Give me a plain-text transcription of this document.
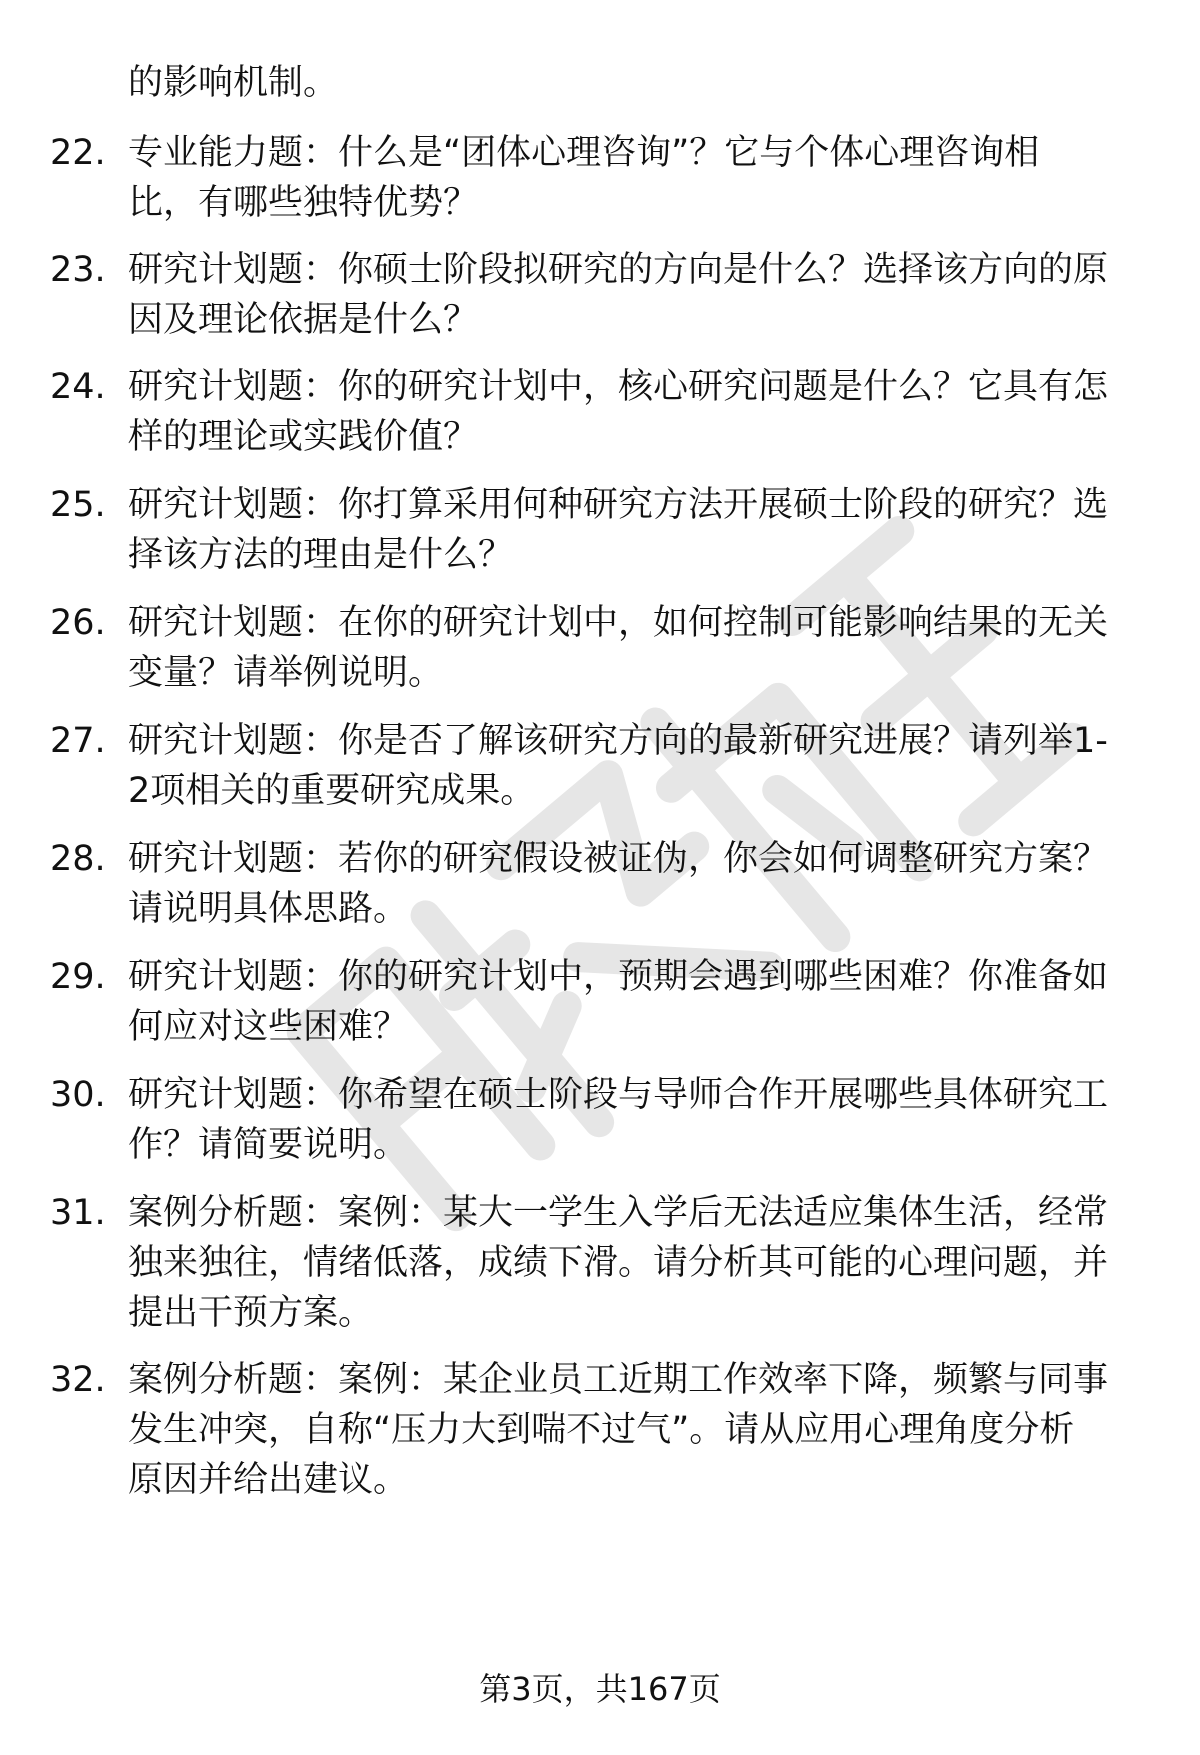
的影响机制。
22. 专业能力题：什么是“团体心理咨询”？它与个体心理咨询相
比，有哪些独特优势？
23. 研究计划题：你硕士阶段拟研究的方向是什么？选择该方向的原
因及理论依据是什么？
24. 研究计划题：你的研究计划中，核心研究问题是什么？它具有怎
样的理论或实践价值？
25. 研究计划题：你打算采用何种研究方法开展硕士阶段的研究？选
择该方法的理由是什么？
26. 研究计划题：在你的研究计划中，如何控制可能影响结果的无关
变量？请举例说明。
27. 研究计划题：你是否了解该研究方向的最新研究进展？请列举1-
2项相关的重要研究成果。
28. 研究计划题：若你的研究假设被证伪，你会如何调整研究方案？
请说明具体思路。
29. 研究计划题：你的研究计划中，预期会遇到哪些困难？你准备如
何应对这些困难？
30. 研究计划题：你希望在硕士阶段与导师合作开展哪些具体研究工
作？请简要说明。
31. 案例分析题：案例：某大一学生入学后无法适应集体生活，经常
独来独往，情绪低落，成绩下滑。请分析其可能的心理问题，并
提出干预方案。
32. 案例分析题：案例：某企业员工近期工作效率下降，频繁与同事
发生冲突，自称“压力大到喘不过气”。请从应用心理角度分析
原因并给出建议。
第3页，共167页
